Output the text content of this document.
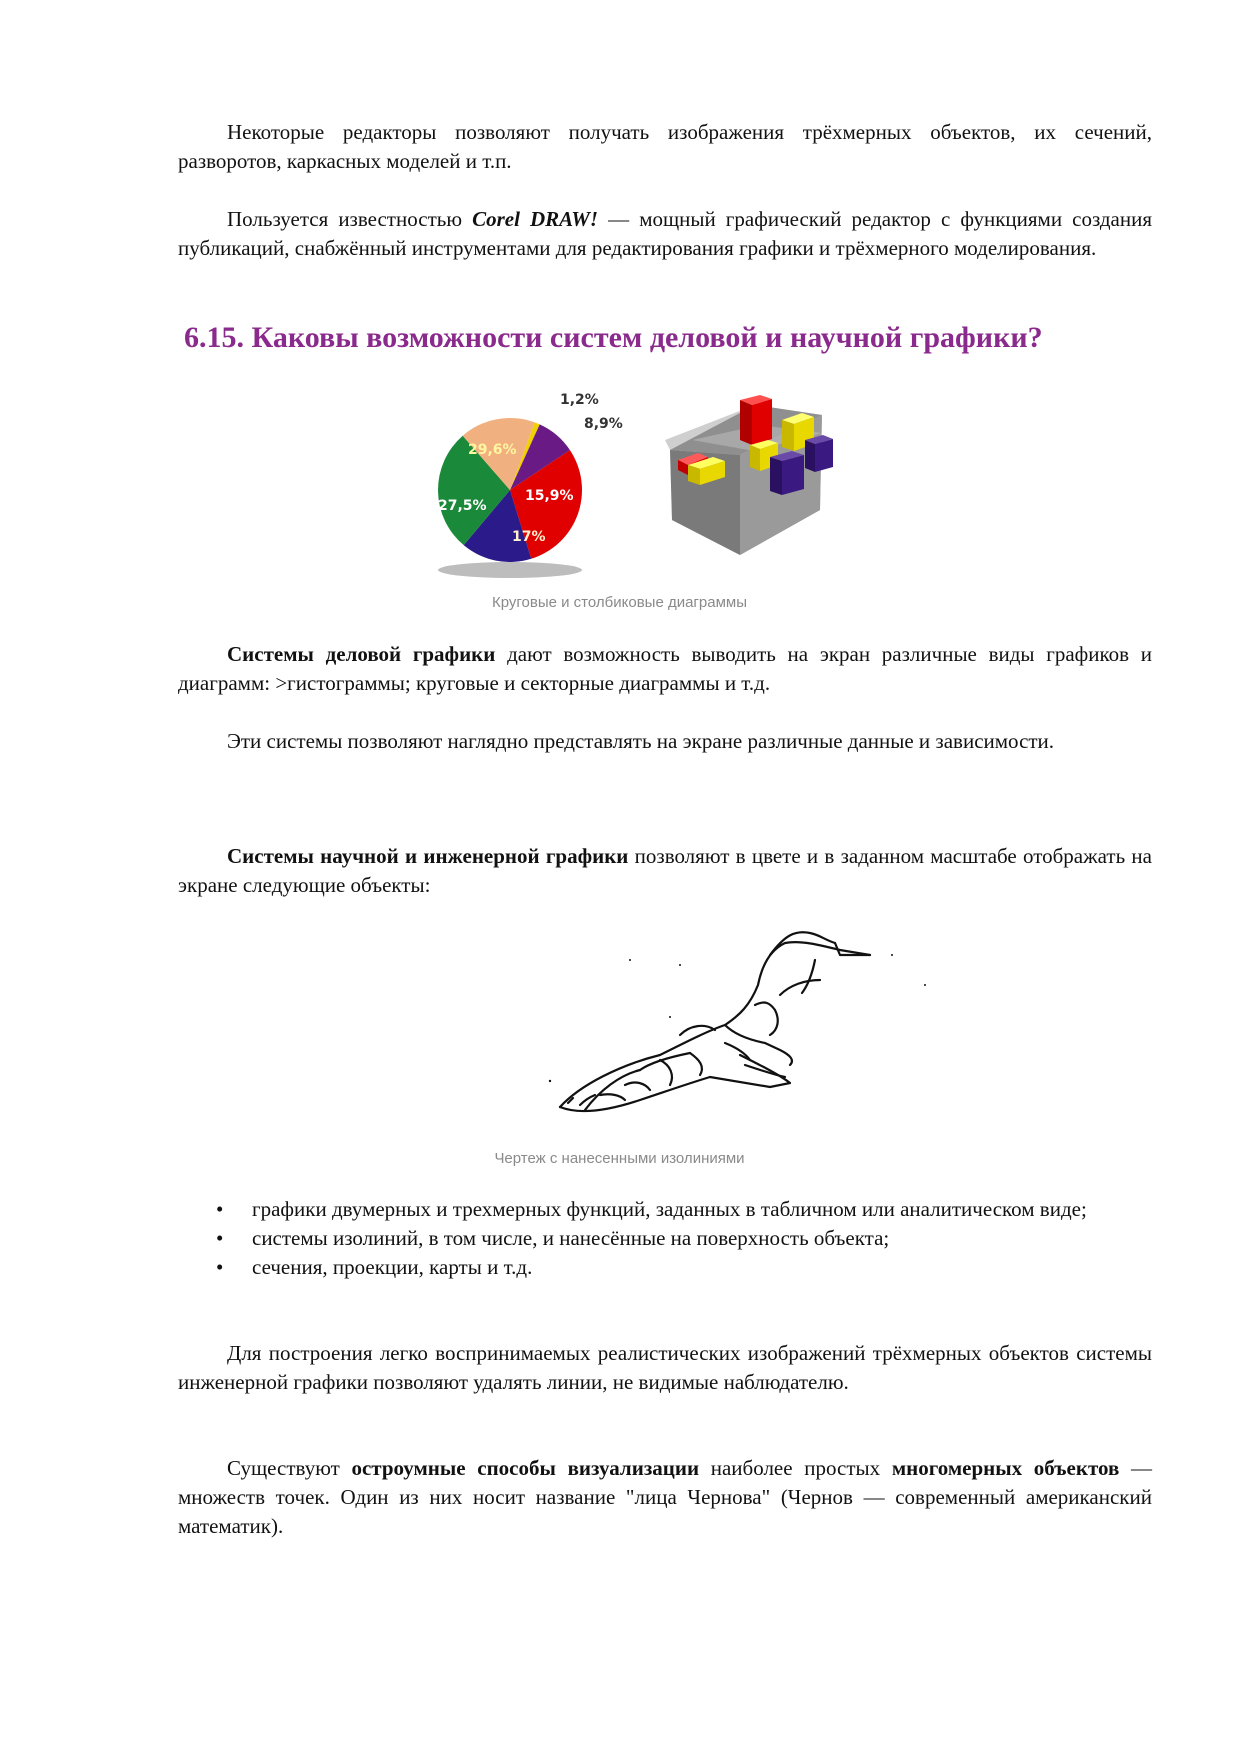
Некоторые редакторы позволяют получать изображения трёхмерных объектов, их сечений, разворотов, каркасных моделей и т.п.

Пользуется известностью Corel DRAW! — мощный графический редактор с функциями создания публикаций, снабжённый инструментами для редактирования графики и трёхмерного моделирования.

6.15. Каковы возможности систем деловой и научной графики?
1,2%
8,9%
29,6%
15,9%
27,5%
17%
Круговые и столбиковые диаграммы

Системы деловой графики дают возможность выводить на экран различные виды графиков и диаграмм: >гистограммы; круговые и секторные диаграммы и т.д.

Эти системы позволяют наглядно представлять на экране различные данные и зависимости.

Системы научной и инженерной графики позволяют в цвете и в заданном масштабе отображать на экране следующие объекты:

Чертеж с нанесенными изолиниями
• графики двумерных и трехмерных функций, заданных в табличном или аналитическом виде;
• системы изолиний, в том числе, и нанесённые на поверхность объекта;
• сечения, проекции, карты и т.д.

Для построения легко воспринимаемых реалистических изображений трёхмерных объектов системы инженерной графики позволяют удалять линии, не видимые наблюдателю.

Существуют остроумные способы визуализации наиболее простых многомерных объектов — множеств точек. Один из них носит название "лица Чернова" (Чернов — современный американский математик).
